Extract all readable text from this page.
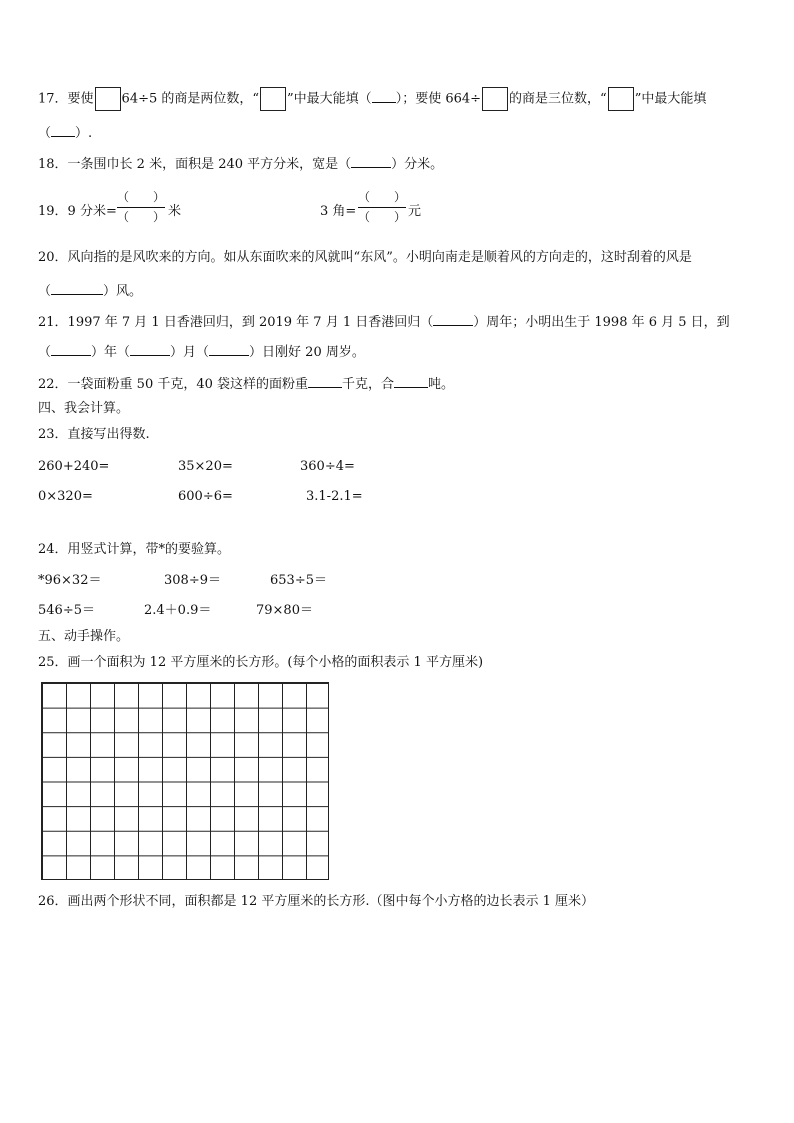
17．要使 64÷5 的商是两位数，“ ”中最大能填（ ）；要使 664÷ 的商是三位数，“ ”中最大能填
（ ）.
18．一条围巾长 2 米，面积是 240 平方分米，宽是（	）分米。
19．9 分米=
（　　）
（　　） 米	3 角=
（　　）
（　　） 元
20．风向指的是风吹来的方向。如从东面吹来的风就叫“东风”。小明向南走是顺着风的方向走的，这时刮着的风是
（	）风。
21．1997 年 7 月 1 日香港回归，到 2019 年 7 月 1 日香港回归（	）周年；小明出生于 1998 年 6 月 5 日，到
（	）年（	）月（	）日刚好 20 周岁。
22．一袋面粉重 50 千克，40 袋这样的面粉重	千克，合	吨。
四、我会计算。
23．直接写出得数.
260+240=	35×20=	360÷4=
0×320=	600÷6=	3.1-2.1=
24．用竖式计算，带*的要验算。
*96×32＝	308÷9＝	653÷5＝
546÷5＝	2.4＋0.9＝	79×80＝
五、动手操作。
25．画一个面积为 12 平方厘米的长方形。(每个小格的面积表示 1 平方厘米)
26．画出两个形状不同，面积都是 12 平方厘米的长方形.（图中每个小方格的边长表示 1 厘米）
